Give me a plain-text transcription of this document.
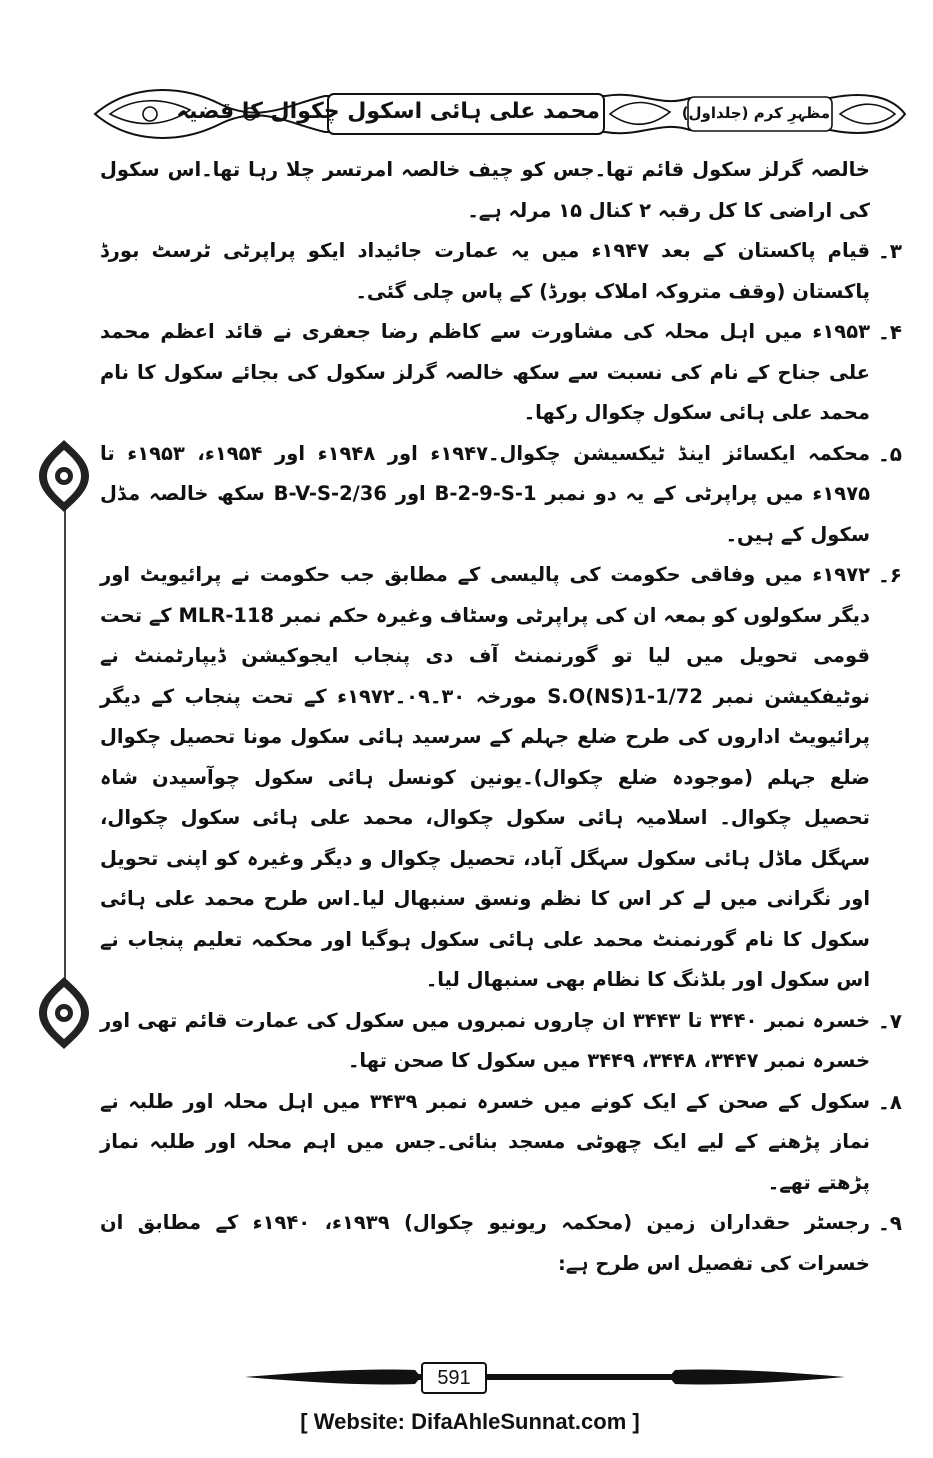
محمد علی ہائی اسکول چکوال کا قضیہ	مظہرِ کرم (جلداول)
خالصہ گرلز سکول قائم تھا۔جس کو چیف خالصہ امرتسر چلا رہا تھا۔اس سکول کی اراضی کا کل رقبہ ۲ کنال ۱۵ مرلہ ہے۔
۳۔
قیام پاکستان کے بعد ۱۹۴۷ء میں یہ عمارت جائیداد ایکو پراپرٹی ٹرسٹ بورڈ پاکستان (وقف متروکہ املاک بورڈ) کے پاس چلی گئی۔
۴۔
۱۹۵۳ء میں اہل محلہ کی مشاورت سے کاظم رضا جعفری نے قائد اعظم محمد علی جناح کے نام کی نسبت سے سکھ خالصہ گرلز سکول کی بجائے سکول کا نام محمد علی ہائی سکول چکوال رکھا۔
۵۔
محکمہ ایکسائز اینڈ ٹیکسیشن چکوال۔۱۹۴۷ء اور ۱۹۴۸ء اور ۱۹۵۴ء، ۱۹۵۳ء تا ۱۹۷۵ء میں پراپرٹی کے یہ دو نمبر B-2-9-S-1 اور B-V-S-2/36 سکھ خالصہ مڈل سکول کے ہیں۔
۶۔
۱۹۷۲ء میں وفاقی حکومت کی پالیسی کے مطابق جب حکومت نے پرائیویٹ اور دیگر سکولوں کو بمعہ ان کی پراپرٹی وسٹاف وغیرہ حکم نمبر MLR-118 کے تحت قومی تحویل میں لیا تو گورنمنٹ آف دی پنجاب ایجوکیشن ڈیپارٹمنٹ نے نوٹیفکیشن نمبر S.O(NS)1-1/72 مورخہ ۳۰۔۰۹۔۱۹۷۲ء کے تحت پنجاب کے دیگر پرائیویٹ اداروں کی طرح ضلع جہلم کے سرسید ہائی سکول مونا تحصیل چکوال ضلع جہلم (موجودہ ضلع چکوال)۔یونین کونسل ہائی سکول چوآسیدن شاہ تحصیل چکوال۔ اسلامیہ ہائی سکول چکوال، محمد علی ہائی سکول چکوال، سہگل ماڈل ہائی سکول سہگل آباد، تحصیل چکوال و دیگر وغیرہ کو اپنی تحویل اور نگرانی میں لے کر اس کا نظم ونسق سنبھال لیا۔اس طرح محمد علی ہائی سکول کا نام گورنمنٹ محمد علی ہائی سکول ہوگیا اور محکمہ تعلیم پنجاب نے اس سکول اور بلڈنگ کا نظام بھی سنبھال لیا۔
۷۔
خسرہ نمبر ۳۴۴۰ تا ۳۴۴۳ ان چاروں نمبروں میں سکول کی عمارت قائم تھی اور خسرہ نمبر ۳۴۴۷، ۳۴۴۸، ۳۴۴۹ میں سکول کا صحن تھا۔
۸۔
سکول کے صحن کے ایک کونے میں خسرہ نمبر ۳۴۳۹ میں اہل محلہ اور طلبہ نے نماز پڑھنے کے لیے ایک چھوٹی مسجد بنائی۔جس میں اہم محلہ اور طلبہ نماز پڑھتے تھے۔
۹۔
رجسٹر حقداران زمین (محکمہ ریونیو چکوال) ۱۹۳۹ء، ۱۹۴۰ء کے مطابق ان خسرات کی تفصیل اس طرح ہے:
591
[ Website: DifaAhleSunnat.com ]
